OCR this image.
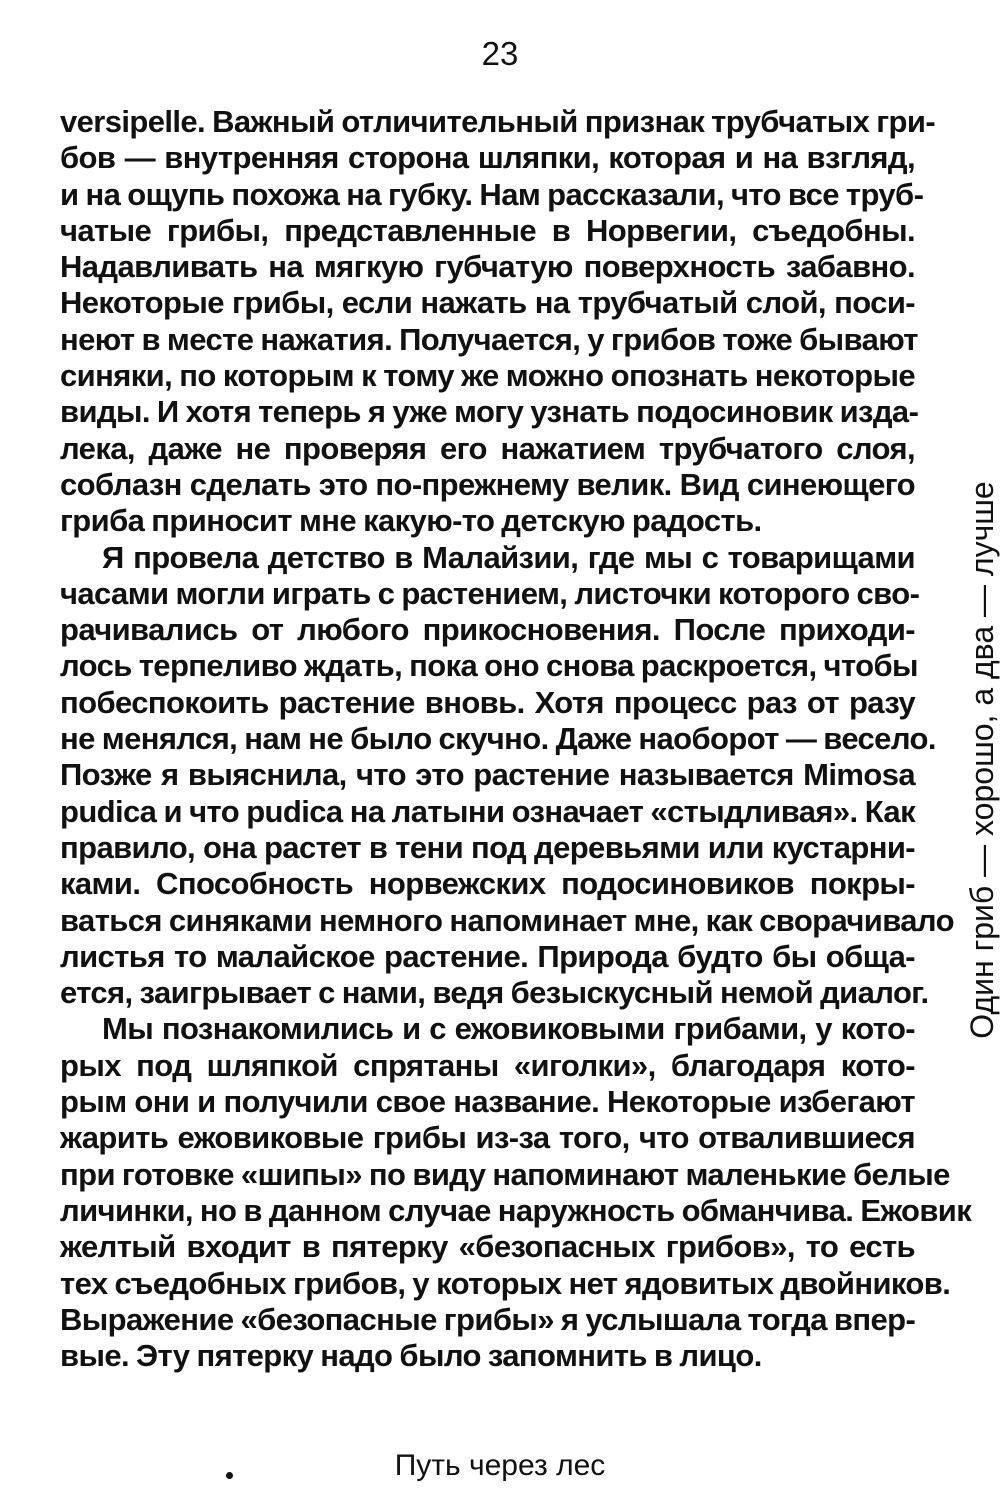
23
versipelle. Важный отличительный признак трубчатых гри-
бов — внутренняя сторона шляпки, которая и на взгляд,
и на ощупь похожа на губку. Нам рассказали, что все труб-
чатые грибы, представленные в Норвегии, съедобны.
Надавливать на мягкую губчатую поверхность забавно.
Некоторые грибы, если нажать на трубчатый слой, поси-
неют в месте нажатия. Получается, у грибов тоже бывают
синяки, по которым к тому же можно опознать некоторые
виды. И хотя теперь я уже могу узнать подосиновик изда-
лека, даже не проверяя его нажатием трубчатого слоя,
соблазн сделать это по-прежнему велик. Вид синеющего
гриба приносит мне какую-то детскую радость.
Я провела детство в Малайзии, где мы с товарищами
часами могли играть с растением, листочки которого сво-
рачивались от любого прикосновения. После приходи-
лось терпеливо ждать, пока оно снова раскроется, чтобы
побеспокоить растение вновь. Хотя процесс раз от разу
не менялся, нам не было скучно. Даже наоборот — весело.
Позже я выяснила, что это растение называется Mimosa
pudica и что pudica на латыни означает «стыдливая». Как
правило, она растет в тени под деревьями или кустарни-
ками. Способность норвежских подосиновиков покры-
ваться синяками немного напоминает мне, как сворачивало
листья то малайское растение. Природа будто бы обща-
ется, заигрывает с нами, ведя безыскусный немой диалог.
Мы познакомились и с ежовиковыми грибами, у кото-
рых под шляпкой спрятаны «иголки», благодаря кото-
рым они и получили свое название. Некоторые избегают
жарить ежовиковые грибы из-за того, что отвалившиеся
при готовке «шипы» по виду напоминают маленькие белые
личинки, но в данном случае наружность обманчива. Ежовик
желтый входит в пятерку «безопасных грибов», то есть
тех съедобных грибов, у которых нет ядовитых двойников.
Выражение «безопасные грибы» я услышала тогда впер-
вые. Эту пятерку надо было запомнить в лицо.
Один гриб — хорошо, а два — лучше
Путь через лес
